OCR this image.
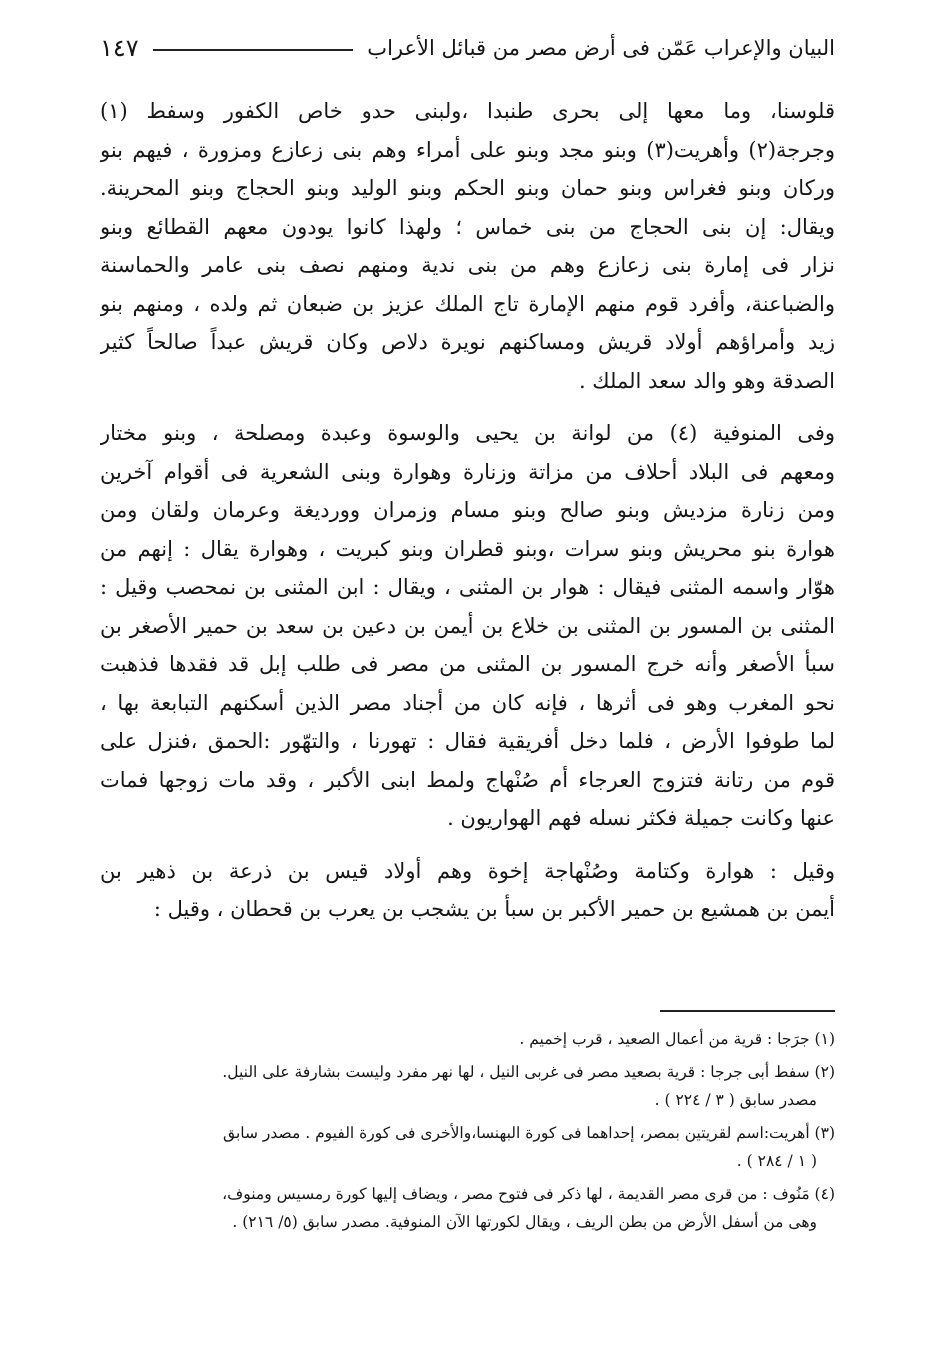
البيان والإعراب عَمّن فى أرض مصر من قبائل الأعراب
١٤٧
قلوسنا، وما معها إلى بحرى طنبدا ،ولبنى حدو خاص الكفور وسفط (١)
وجرجة(٢) وأهريت(٣) وبنو مجد وبنو على أمراء وهم بنى زعازع ومزورة ، فيهم بنو
وركان وبنو فغراس وبنو حمان وبنو الحكم وبنو الوليد وبنو الحجاج وبنو المحرينة.
ويقال: إن بنى الحجاج من بنى خماس ؛ ولهذا كانوا يودون معهم القطائع وبنو
نزار فى إمارة بنى زعازع وهم من بنى ندية ومنهم نصف بنى عامر والحماسنة
والضباعنة، وأفرد قوم منهم الإمارة تاج الملك عزيز بن ضبعان ثم ولده ، ومنهم بنو
زيد وأمراؤهم أولاد قريش ومساكنهم نويرة دلاص وكان قريش عبداً صالحاً كثير
الصدقة وهو والد سعد الملك .
وفى المنوفية (٤) من لوانة بن يحيى والوسوة وعبدة ومصلحة ، وبنو مختار
ومعهم فى البلاد أحلاف من مزاتة وزنارة وهوارة وبنى الشعرية فى أقوام آخرين
ومن زنارة مزديش وبنو صالح وبنو مسام وزمران وورديغة وعرمان ولقان ومن
هوارة بنو محريش وبنو سرات ،وبنو قطران وبنو كبريت ، وهوارة يقال : إنهم من
هوّار واسمه المثنى فيقال : هوار بن المثنى ، ويقال : ابن المثنى بن نمحصب وقيل :
المثنى بن المسور بن المثنى بن خلاع بن أيمن بن دعين بن سعد بن حمير الأصغر بن
سبأ الأصغر وأنه خرج المسور بن المثنى من مصر فى طلب إبل قد فقدها فذهبت
نحو المغرب وهو فى أثرها ، فإنه كان من أجناد مصر الذين أسكنهم التبابعة بها ،
لما طوفوا الأرض ، فلما دخل أفريقية فقال : تهورنا ، والتهّور :الحمق ،فنزل على
قوم من رتانة فتزوج العرجاء أم صُنْهاج ولمط ابنى الأكبر ، وقد مات زوجها فمات
عنها وكانت جميلة فكثر نسله فهم الهواريون .
وقيل : هوارة وكتامة وصُنْهاجة إخوة وهم أولاد قيس بن ذرعة بن ذهير بن
أيمن بن همشيع بن حمير الأكبر بن سبأ بن يشجب بن يعرب بن قحطان ، وقيل :
(١) جرَجا : قرية من أعمال الصعيد ، قرب إخميم .
(٢) سفط أبى جرجا : قرية بصعيد مصر فى غربى النيل ، لها نهر مفرد وليست بشارفة على النيل.
مصدر سابق ( ٣ / ٢٢٤ ) .
(٣) أهريت:اسم لقريتين بمصر، إحداهما فى كورة البهنسا،والأخرى فى كورة الفيوم . مصدر سابق
( ١ / ٢٨٤ ) .
(٤) مَنُوف : من قرى مصر القديمة ، لها ذكر فى فتوح مصر ، ويضاف إليها كورة رمسيس ومنوف،
وهى من أسفل الأرض من بطن الريف ، ويقال لكورتها الآن المنوفية. مصدر سابق (٥/ ٢١٦) .
